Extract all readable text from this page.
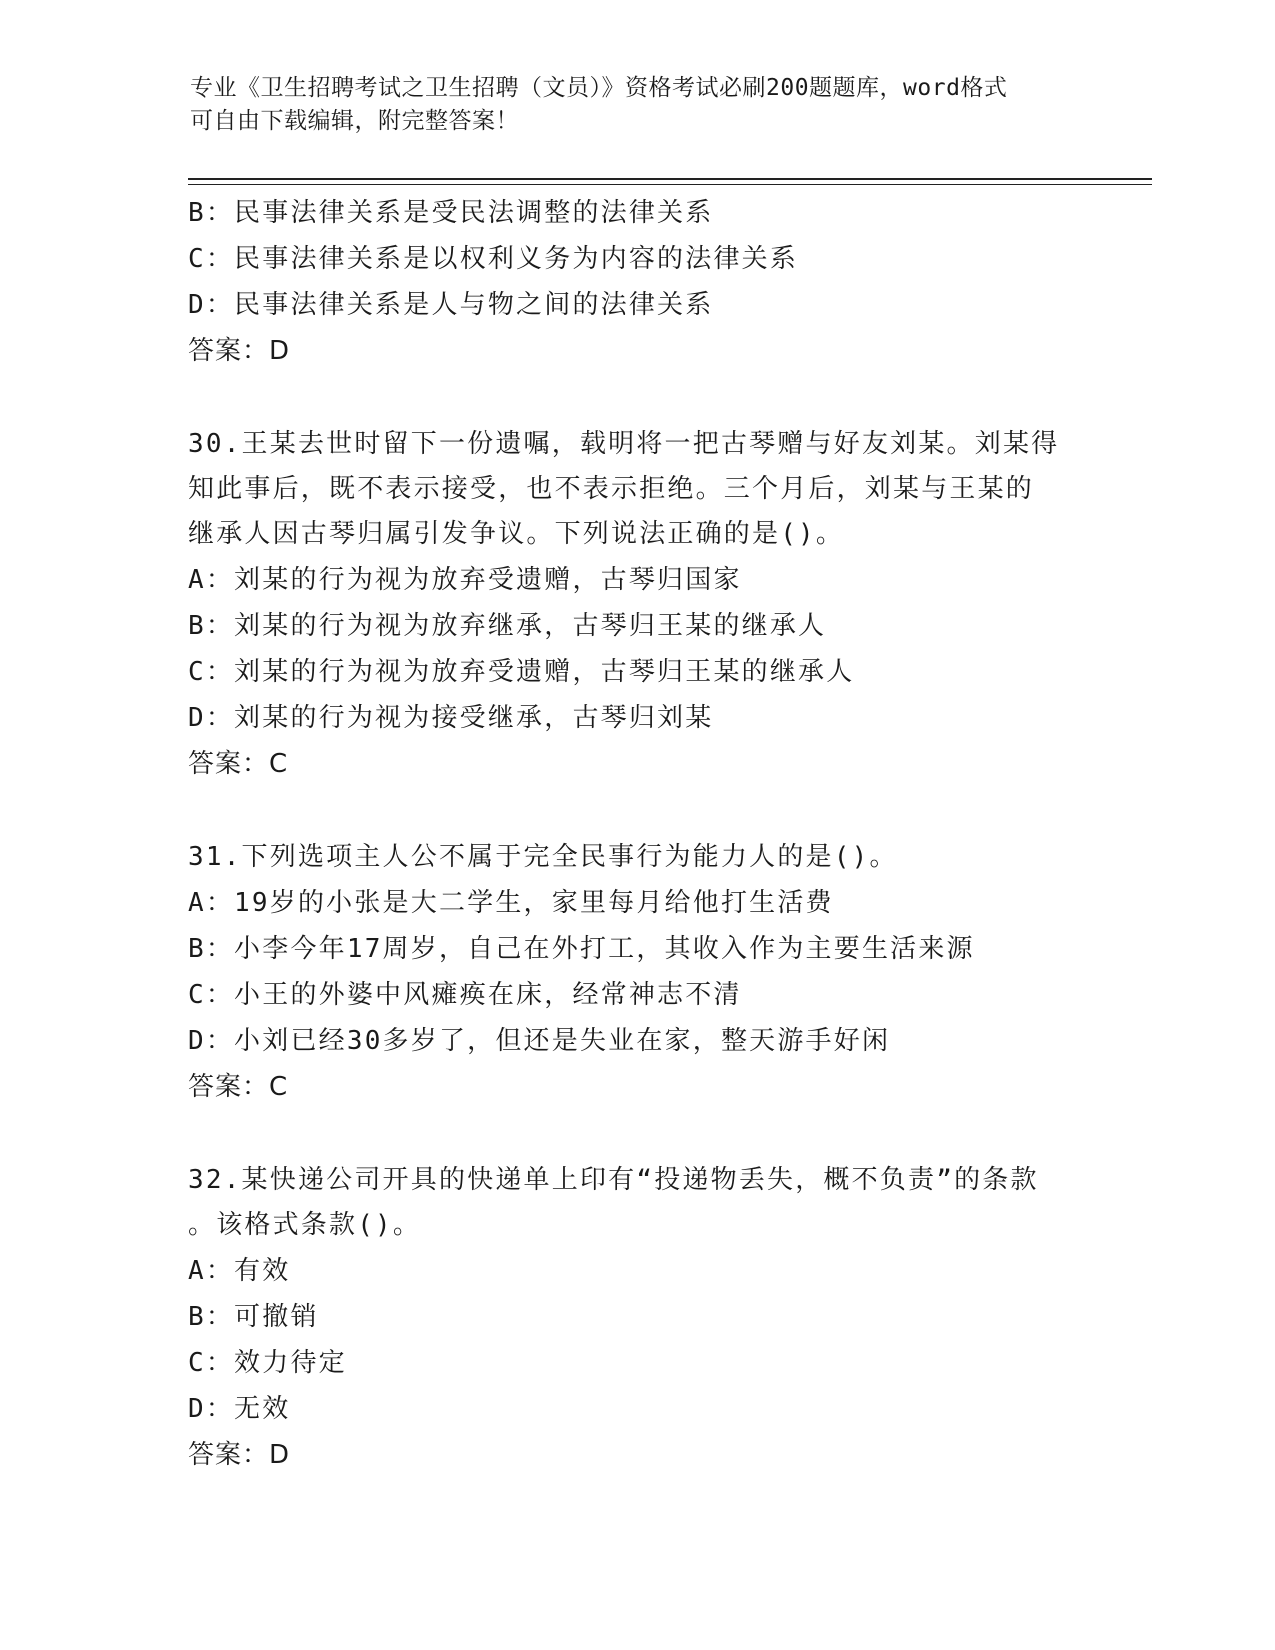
专业《卫生招聘考试之卫生招聘（文员）》资格考试必刷200题题库，word格式
可自由下载编辑，附完整答案！
B：民事法律关系是受民法调整的法律关系
C：民事法律关系是以权利义务为内容的法律关系
D：民事法律关系是人与物之间的法律关系
答案：D
30.王某去世时留下一份遗嘱，载明将一把古琴赠与好友刘某。刘某得
知此事后，既不表示接受，也不表示拒绝。三个月后，刘某与王某的
继承人因古琴归属引发争议。下列说法正确的是()。
A：刘某的行为视为放弃受遗赠，古琴归国家
B：刘某的行为视为放弃继承，古琴归王某的继承人
C：刘某的行为视为放弃受遗赠，古琴归王某的继承人
D：刘某的行为视为接受继承，古琴归刘某
答案：C
31.下列选项主人公不属于完全民事行为能力人的是()。
A：19岁的小张是大二学生，家里每月给他打生活费
B：小李今年17周岁，自己在外打工，其收入作为主要生活来源
C：小王的外婆中风瘫痪在床，经常神志不清
D：小刘已经30多岁了，但还是失业在家，整天游手好闲
答案：C
32.某快递公司开具的快递单上印有“投递物丢失，概不负责”的条款
。该格式条款()。
A：有效
B：可撤销
C：效力待定
D：无效
答案：D
